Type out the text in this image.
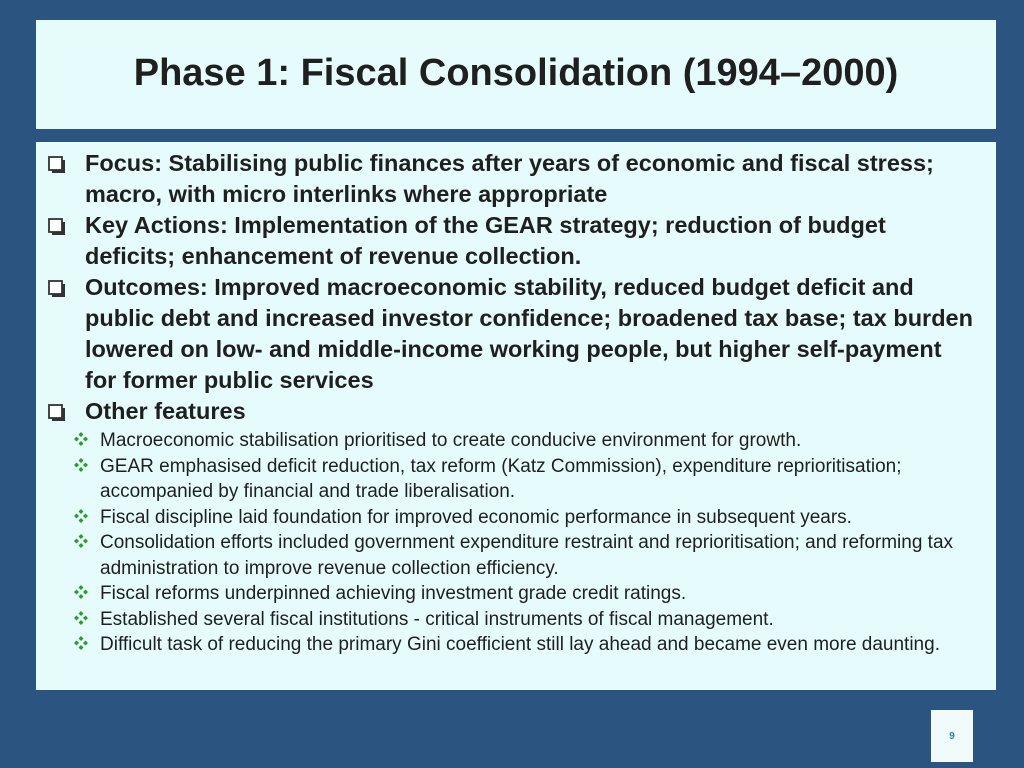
Phase 1: Fiscal Consolidation (1994–2000)
Focus: Stabilising public finances after years of economic and fiscal stress; macro, with micro interlinks where appropriate
Key Actions: Implementation of the GEAR strategy; reduction of budget deficits; enhancement of revenue collection.
Outcomes: Improved macroeconomic stability, reduced budget deficit and public debt and increased investor confidence; broadened tax base; tax burden lowered on low- and middle-income working people, but higher self-payment for former public services
Other features
Macroeconomic stabilisation prioritised to create conducive environment for growth.
GEAR emphasised deficit reduction, tax reform (Katz Commission), expenditure reprioritisation; accompanied by financial and trade liberalisation.
Fiscal discipline laid foundation for improved economic performance in subsequent years.
Consolidation efforts included government expenditure restraint and reprioritisation; and reforming tax administration to improve revenue collection efficiency.
Fiscal reforms underpinned achieving investment grade credit ratings.
Established several fiscal institutions - critical instruments of fiscal management.
Difficult task of reducing the primary Gini coefficient still lay ahead and became even more daunting.
9
